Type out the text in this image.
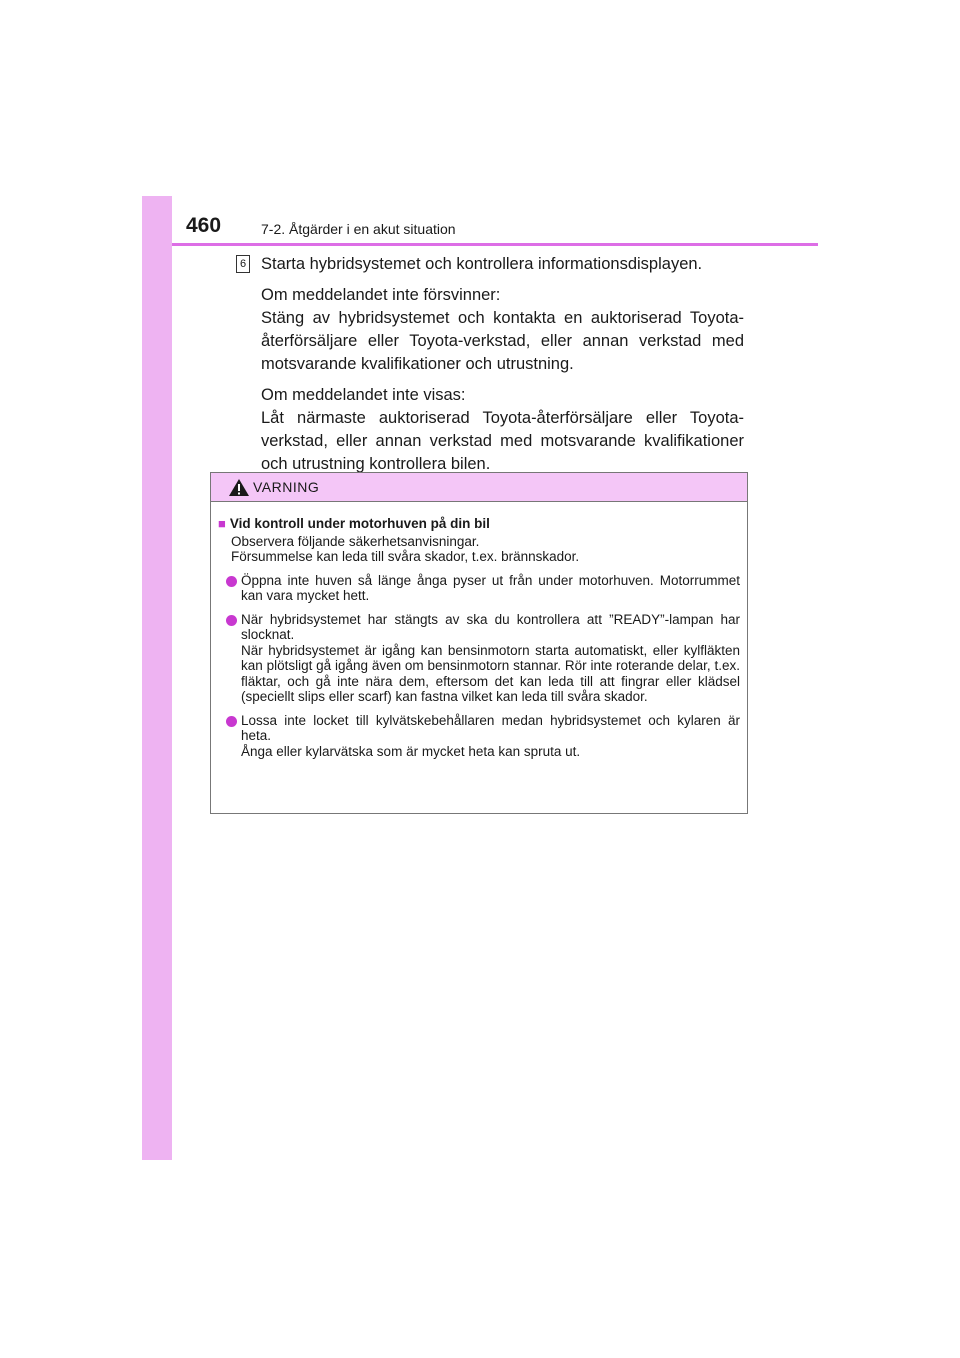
460	7-2. Åtgärder i en akut situation
6 Starta hybridsystemet och kontrollera informationsdisplayen.

Om meddelandet inte försvinner:

Stäng av hybridsystemet och kontakta en auktoriserad Toyota-återförsäljare eller Toyota-verkstad, eller annan verkstad med motsvarande kvalifikationer och utrustning.

Om meddelandet inte visas:

Låt närmaste auktoriserad Toyota-återförsäljare eller Toyota-verkstad, eller annan verkstad med motsvarande kvalifikationer och utrustning kontrollera bilen.

VARNING

■ Vid kontroll under motorhuven på din bil

Observera följande säkerhetsanvisningar.

Försummelse kan leda till svåra skador, t.ex. brännskador.

Öppna inte huven så länge ånga pyser ut från under motorhuven. Motorrummet kan vara mycket hett.

När hybridsystemet har stängts av ska du kontrollera att ”READY”-lampan har slocknat.

När hybridsystemet är igång kan bensinmotorn starta automatiskt, eller kylfläkten kan plötsligt gå igång även om bensinmotorn stannar. Rör inte roterande delar, t.ex. fläktar, och gå inte nära dem, eftersom det kan leda till att fingrar eller klädsel (speciellt slips eller scarf) kan fastna vilket kan leda till svåra skador.

Lossa inte locket till kylvätskebehållaren medan hybridsystemet och kylaren är heta.

Ånga eller kylarvätska som är mycket heta kan spruta ut.
